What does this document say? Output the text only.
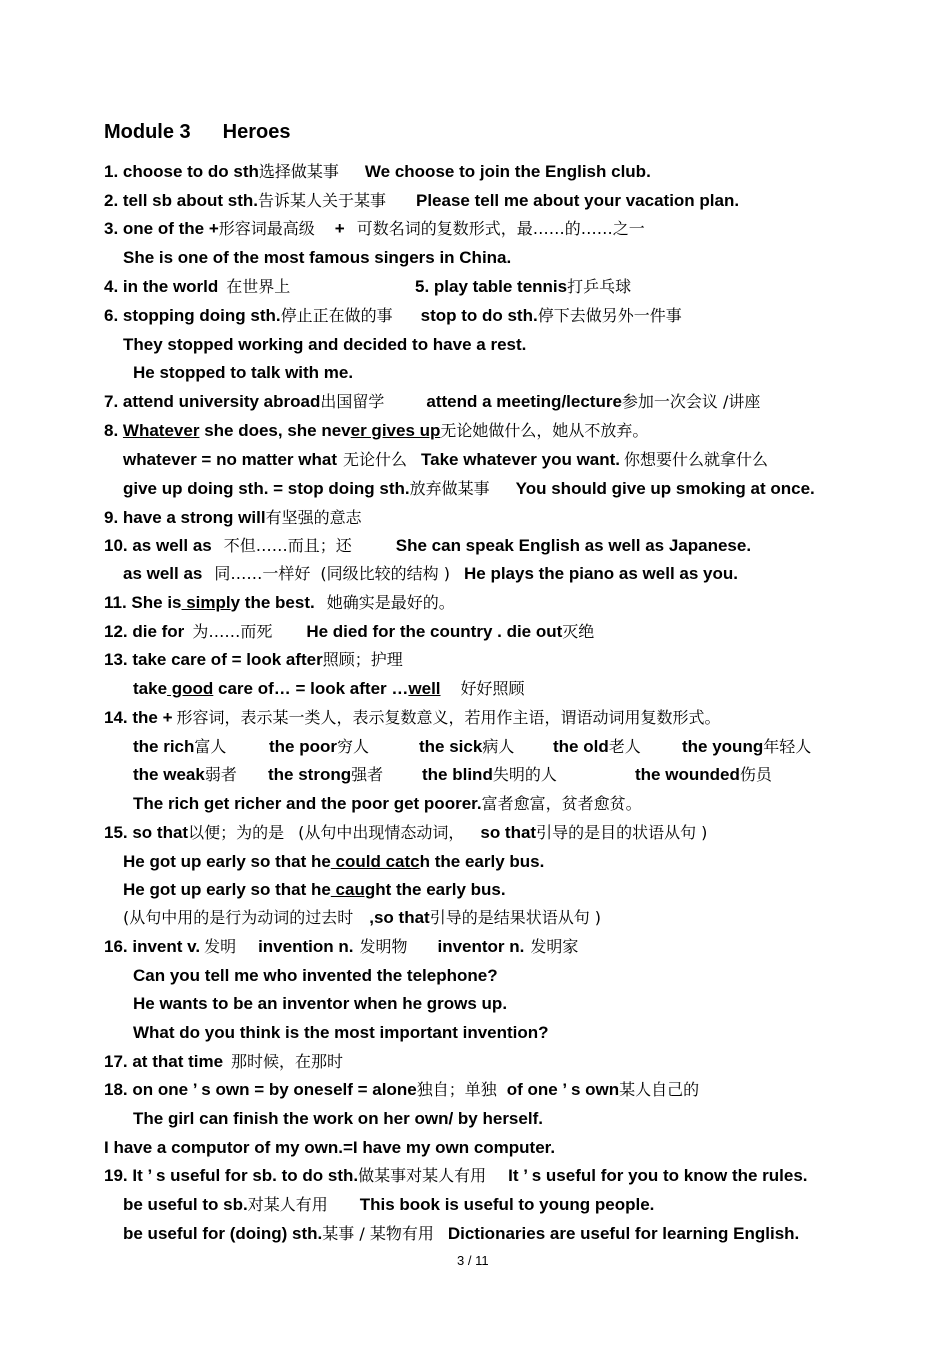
Module 3 Heroes
1. choose to do sth选择做某事 We choose to join the English club.
2. tell sb about sth.告诉某人关于某事 Please tell me about your vacation plan.
3. one of the +形容词最高级 + 可数名词的复数形式，最……的……之一
She is one of the most famous singers in China.
4. in the world 在世界上	5. play table tennis打乒乓球
6. stopping doing sth.停止正在做的事 stop to do sth.停下去做另外一件事
They stopped working and decided to have a rest.
He stopped to talk with me.
7. attend university abroad出国留学 attend a meeting/lecture参加一次会议 /讲座
8. Whatever she does, she never gives up无论她做什么，她从不放弃。
whatever = no matter what 无论什么 Take whatever you want. 你想要什么就拿什么
give up doing sth. = stop doing sth.放弃做某事 You should give up smoking at once.
9. have a strong will有坚强的意志
10. as well as 不但……而且；还	She can speak English as well as Japanese.
as well as 同……一样好 (同级比较的结构 ) He plays the piano as well as you.
11. She is simply the best. 她确实是最好的。
12. die for 为……而死 He died for the country . die out灭绝
13. take care of = look after照顾；护理
take good care of… = look after …well 好好照顾
14. the + 形容词，表示某一类人，表示复数意义，若用作主语，谓语动词用复数形式。
the rich富人	the poor穷人	the sick病人 the old老人 the young年轻人
the weak弱者 the strong强者 the blind失明的人	the wounded伤员
The rich get richer and the poor get poorer.富者愈富，贫者愈贫。
15. so that以便；为的是 (从句中出现情态动词， so that引导的是目的状语从句 )
He got up early so that he could catch the early bus.
He got up early so that he caught the early bus.
(从句中用的是行为动词的过去时 ,so that引导的是结果状语从句 )
16. invent v. 发明 invention n. 发明物 inventor n. 发明家
Can you tell me who invented the telephone?
He wants to be an inventor when he grows up.
What do you think is the most important invention?
17. at that time 那时候，在那时
18. on one ’ s own = by oneself = alone独自；单独 of one ’ s own某人自己的
The girl can finish the work on her own/ by herself.
I have a computor of my own.=I have my own computer.
19. It ’ s useful for sb. to do sth.做某事对某人有用 It ’ s useful for you to know the rules.
be useful to sb.对某人有用 This book is useful to young people.
be useful for (doing) sth.某事 / 某物有用 Dictionaries are useful for learning English.
3 / 11
